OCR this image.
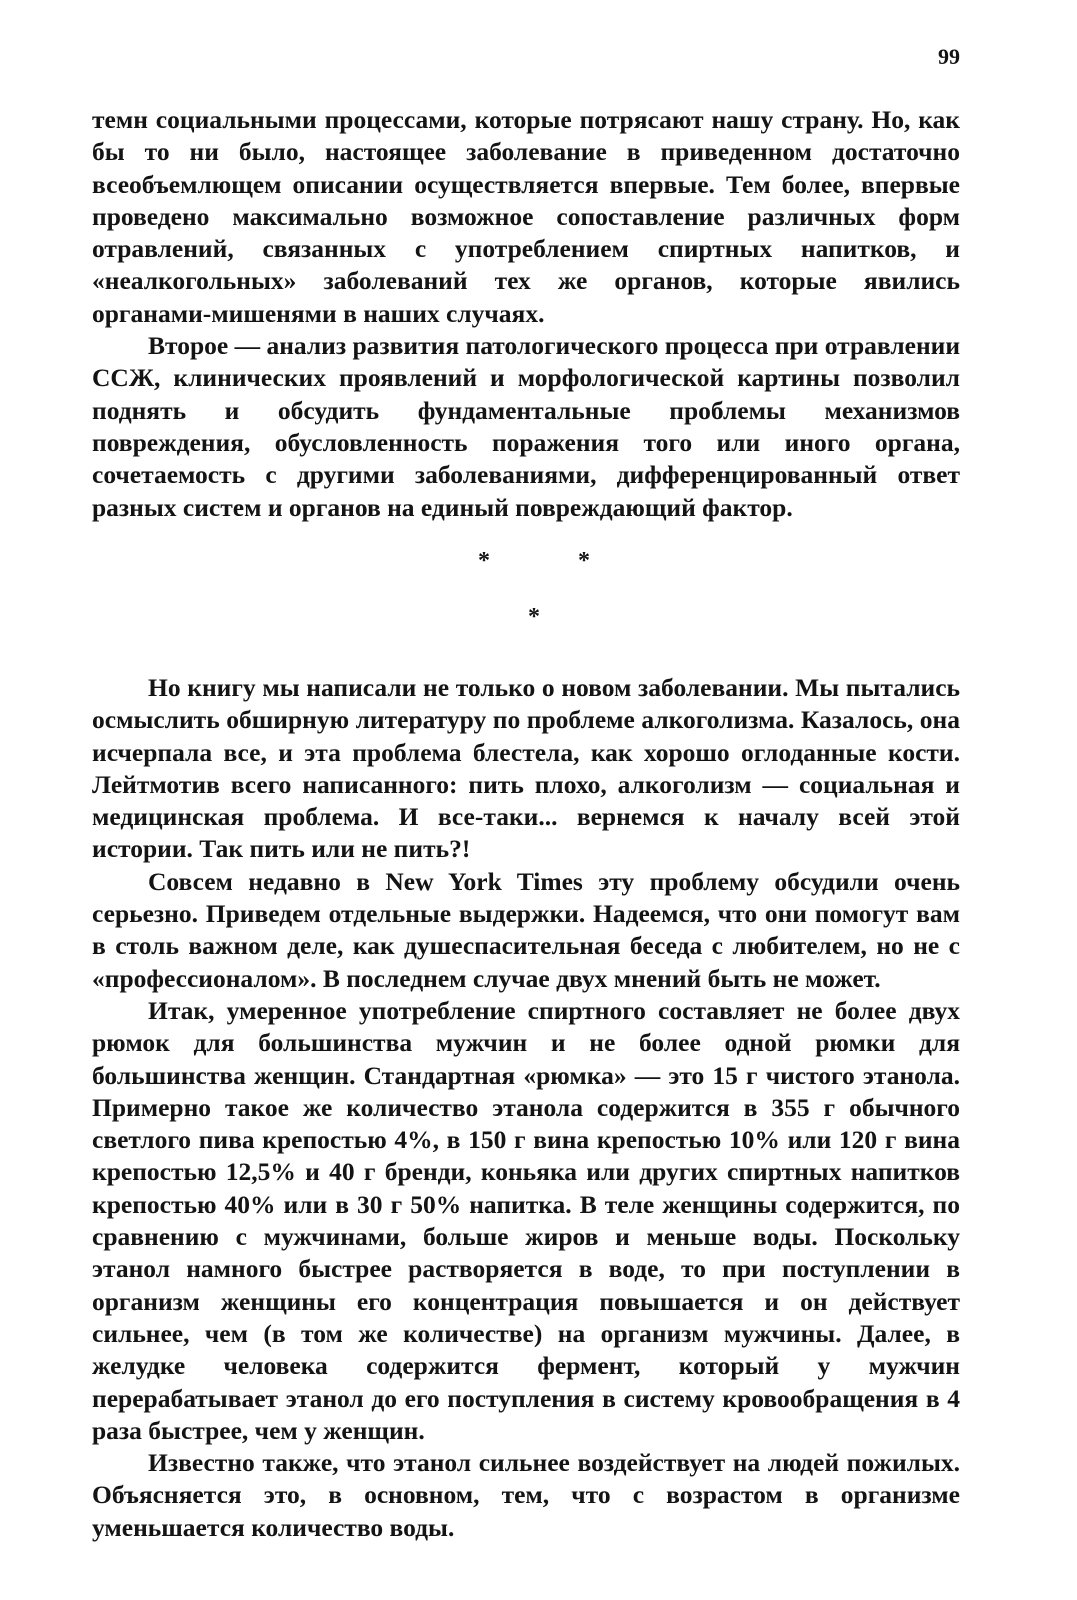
99

темн социальными процессами, которые потрясают нашу страну. Но, как бы то ни было, настоящее заболевание в приведенном достаточно всеобъемлющем описании осуществляется впервые. Тем более, впервые проведено максимально возможное сопоставление различных форм отравлений, связанных с употреблением спиртных напитков, и «неалкогольных» заболеваний тех же органов, которые явились органами-мишенями в наших случаях.

Второе — анализ развития патологического процесса при отравлении ССЖ, клинических проявлений и морфологической картины позволил поднять и обсудить фундаментальные проблемы механизмов повреждения, обусловленность поражения того или иного органа, сочетаемость с другими заболеваниями, дифференцированный ответ разных систем и органов на единый повреждающий фактор.

*	*
*

Но книгу мы написали не только о новом заболевании. Мы пытались осмыслить обширную литературу по проблеме алкоголизма. Казалось, она исчерпала все, и эта проблема блестела, как хорошо оглоданные кости. Лейтмотив всего написанного: пить плохо, алкоголизм — социальная и медицинская проблема. И все-таки... вернемся к началу всей этой истории. Так пить или не пить?!

Совсем недавно в New York Times эту проблему обсудили очень серьезно. Приведем отдельные выдержки. Надеемся, что они помогут вам в столь важном деле, как душеспасительная беседа с любителем, но не с «профессионалом». В последнем случае двух мнений быть не может.

Итак, умеренное употребление спиртного составляет не более двух рюмок для большинства мужчин и не более одной рюмки для большинства женщин. Стандартная «рюмка» — это 15 г чистого этанола. Примерно такое же количество этанола содержится в 355 г обычного светлого пива крепостью 4%, в 150 г вина крепостью 10% или 120 г вина крепостью 12,5% и 40 г бренди, коньяка или других спиртных напитков крепостью 40% или в 30 г 50% напитка. В теле женщины содержится, по сравнению с мужчинами, больше жиров и меньше воды. Поскольку этанол намного быстрее растворяется в воде, то при поступлении в организм женщины его концентрация повышается и он действует сильнее, чем (в том же количестве) на организм мужчины. Далее, в желудке человека содержится фермент, который у мужчин перерабатывает этанол до его поступления в систему кровообращения в 4 раза быстрее, чем у женщин.

Известно также, что этанол сильнее воздействует на людей пожилых. Объясняется это, в основном, тем, что с возрастом в организме уменьшается количество воды.
